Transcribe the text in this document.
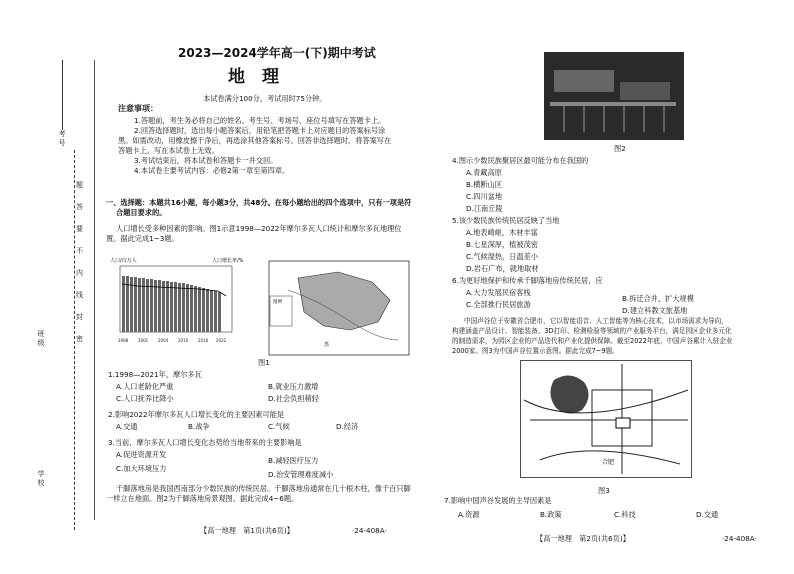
考号
班级
学校
题
答
要
不
内
线
封
密
2023—2024学年高一(下)期中考试
地　理
本试卷满分100分，考试用时75分钟。
注意事项：
1.答题前，考生务必将自己的姓名、考生号、考场号、座位号填写在答题卡上。
2.回答选择题时，选出每小题答案后，用铅笔把答题卡上对应题目的答案标号涂
黑。如需改动，用橡皮擦干净后，再选涂其他答案标号。回答非选择题时，将答案写在
答题卡上。写在本试卷上无效。
3.考试结束后，将本试卷和答题卡一并交回。
4.本试卷主要考试内容：必修2第一章至第四章。
一、选择题：本题共16小题，每小题3分，共48分。在每小题给出的四个选项中，只有一项是符
合题目要求的。
人口增长受多种因素的影响。图1示意1998—2022年摩尔多瓦人口统计和摩尔多瓦地理位
置。据此完成1~3题。
人口/百万人	人口增长率/%
1998 2001 2004 2010 2016 2022
图例
黑
图1
1.1998—2021年，摩尔多瓦
A.人口老龄化严重	B.就业压力激增
C.人口抚养比降小	D.社会负担稍轻
2.影响2022年摩尔多瓦人口增长变化的主要因素可能是
A.交通	B.战争	C.气候	D.经济
3.当前，摩尔多瓦人口增长变化态势给当地带来的主要影响是
A.促进资源开发
B.减轻医疗压力
C.加大环境压力
D.治安管理难度减小
千脚落地房是我国西南部分少数民族的传统民居。千脚落地房通常在几十根木柱，像千百只脚
一样立在地面。图2为千脚落地房景观图。据此完成4~6题。
【高一地理　第1页(共6页)】	·24-408A·
图2
4.图示少数民族聚居区最可能分布在我国的
A.青藏高原
B.横断山区
C.四川盆地
D.江南丘陵
5.该少数民族传统民居反映了当地
A.地表崎岖，木材丰富
B.七星深厚，植被茂密
C.气候湿热，日温差小
D.岩石广布，就地取材
6.为更好地保护和传承千脚落地房传统民居，应
A.大力发展民宿客栈
B.拆迁合并，扩大规模
C.全部推行民居旅游
D.建立科教文旅基地
中国声谷位于安徽省合肥市，它以智能语音、人工智能等为核心技术，以市场需求为导向，
构建涵盖产品设计、智能装备、3D打印、检测检验等领域的产业服务平台，满足园区企业多元化
的制造需求，为园区企业的产品迭代和产业化提供保障。截至2022年底，中国声谷累计入驻企业
2000家。图3为中国声谷位置示意图。据此完成7~9题。
合肥
图3
7.影响中国声谷发展的主导因素是
A.资源	B.政策	C.科技	D.交通
【高一地理　第2页(共6页)】	·24-408A·
